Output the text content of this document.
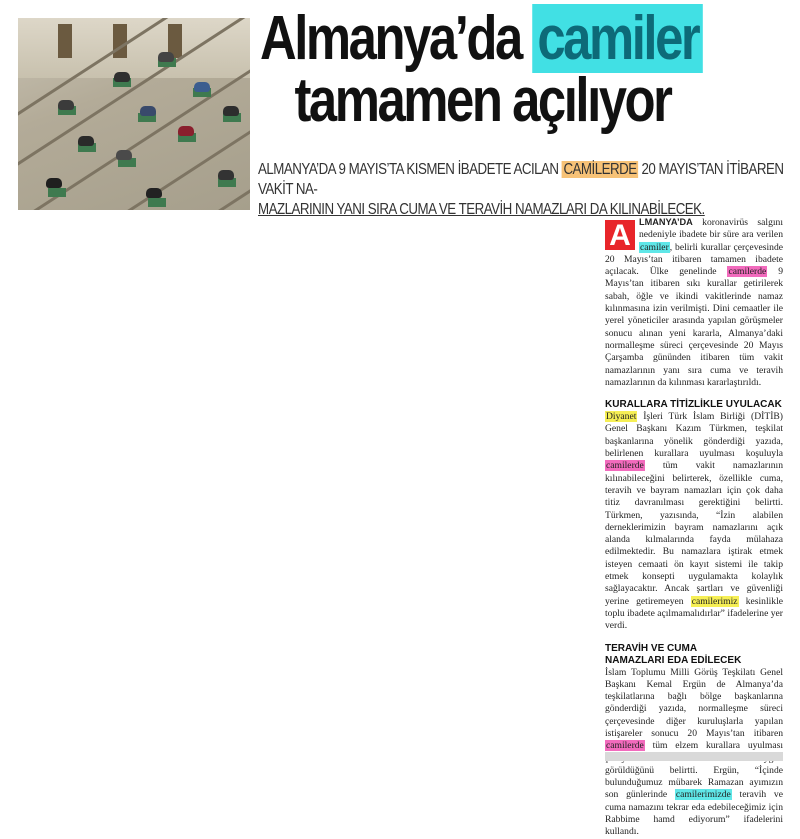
Almanya’da camiler
tamamen açılıyor
ALMANYA’DA 9 MAYIS’TA KISMEN İBADETE ACILAN CAMİLERDE 20 MAYIS’TAN İTİBAREN VAKİT NA-
MAZLARININ YANI SIRA CUMA VE TERAVİH NAMAZLARI DA KILINABİLECEK.

A LMANYA’DA koronavirüs salgını nedeniyle ibadete bir süre ara verilen camiler, belirli kurallar çerçevesinde 20 Mayıs’tan itibaren tamamen ibadete açılacak. Ülke genelinde camilerde 9 Mayıs’tan itibaren sıkı kurallar getirilerek sabah, öğle ve ikindi vakitlerinde namaz kılınmasına izin verilmişti. Dini cemaatler ile yerel yöneticiler arasında yapılan görüşmeler sonucu alınan yeni kararla, Almanya’daki normalleşme süreci çerçevesinde 20 Mayıs Çarşamba gününden itibaren tüm vakit namazlarının yanı sıra cuma ve teravih namazlarının da kılınması kararlaştırıldı.

KURALLARA TİTİZLİKLE UYULACAK

Diyanet İşleri Türk İslam Birliği (DİTİB) Genel Başkanı Kazım Türkmen, teşkilat başkanlarına yönelik gönderdiği yazıda, belirlenen kurallara uyulması koşuluyla camilerde tüm vakit namazlarının kılınabileceğini belirterek, özellikle cuma, teravih ve bayram namazları için çok daha titiz davranılması gerektiğini belirtti. Türkmen, yazısında, “İzin alabilen derneklerimizin bayram namazlarını açık alanda kılmalarında fayda mülahaza edilmektedir. Bu namazlara iştirak etmek isteyen cemaati ön kayıt sistemi ile takip etmek konsepti uygulamakta kolaylık sağlayacaktır. Ancak şartları ve güvenliği yerine getiremeyen camilerimiz kesinlikle toplu ibadete açılmamalıdırlar” ifadelerine yer verdi.

TERAVİH VE CUMA
NAMAZLARI EDA EDİLECEK

İslam Toplumu Milli Görüş Teşkilatı Genel Başkanı Kemal Ergün de Almanya’da teşkilatlarına bağlı bölge başkanlarına gönderdiği yazıda, normalleşme süreci çerçevesinde diğer kuruluşlarla yapılan istişareler sonucu 20 Mayıs’tan itibaren camilerde tüm elzem kurallara uyulması görüldüğünü belirtti. Ergün, “İçinde bulunduğumuz mübarek Ramazan ayımızın son günlerinde camilerimizde teravih ve cuma namazını tekrar eda edebileceğimiz için Rabbime hamd ediyorum” ifadelerini kullandı.
